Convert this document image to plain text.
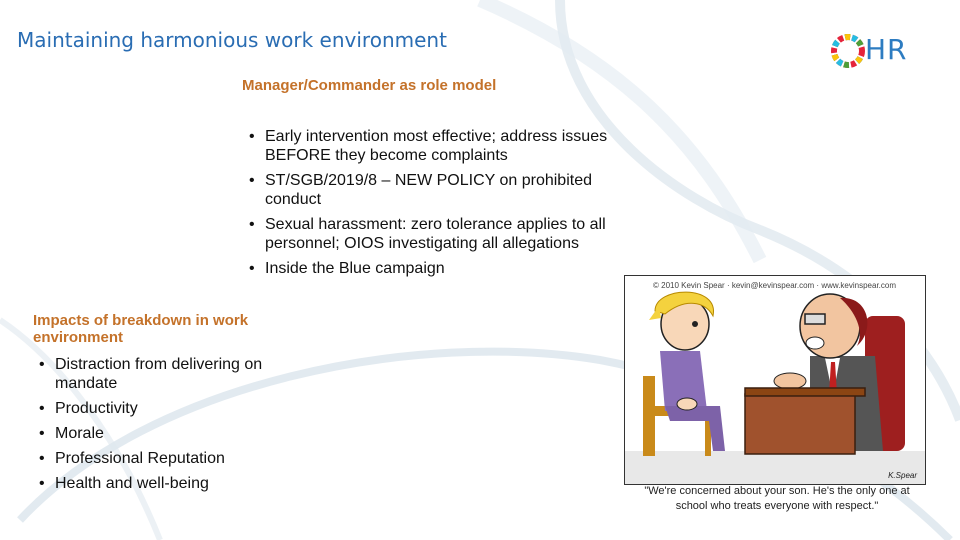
Maintaining harmonious work environment	HR
Manager/Commander as role model
• Early intervention most effective; address issues BEFORE they become complaints
• ST/SGB/2019/8 – NEW POLICY on prohibited conduct
• Sexual harassment: zero tolerance applies to all personnel; OIOS investigating all allegations
• Inside the Blue campaign
Impacts of breakdown in work environment
• Distraction from delivering on mandate
• Productivity
• Morale
• Professional Reputation
• Health and well-being
© 2010 Kevin Spear · kevin@kevinspear.com · www.kevinspear.com
K.Spear
"We're concerned about your son. He's the only one at school who treats everyone with respect."
